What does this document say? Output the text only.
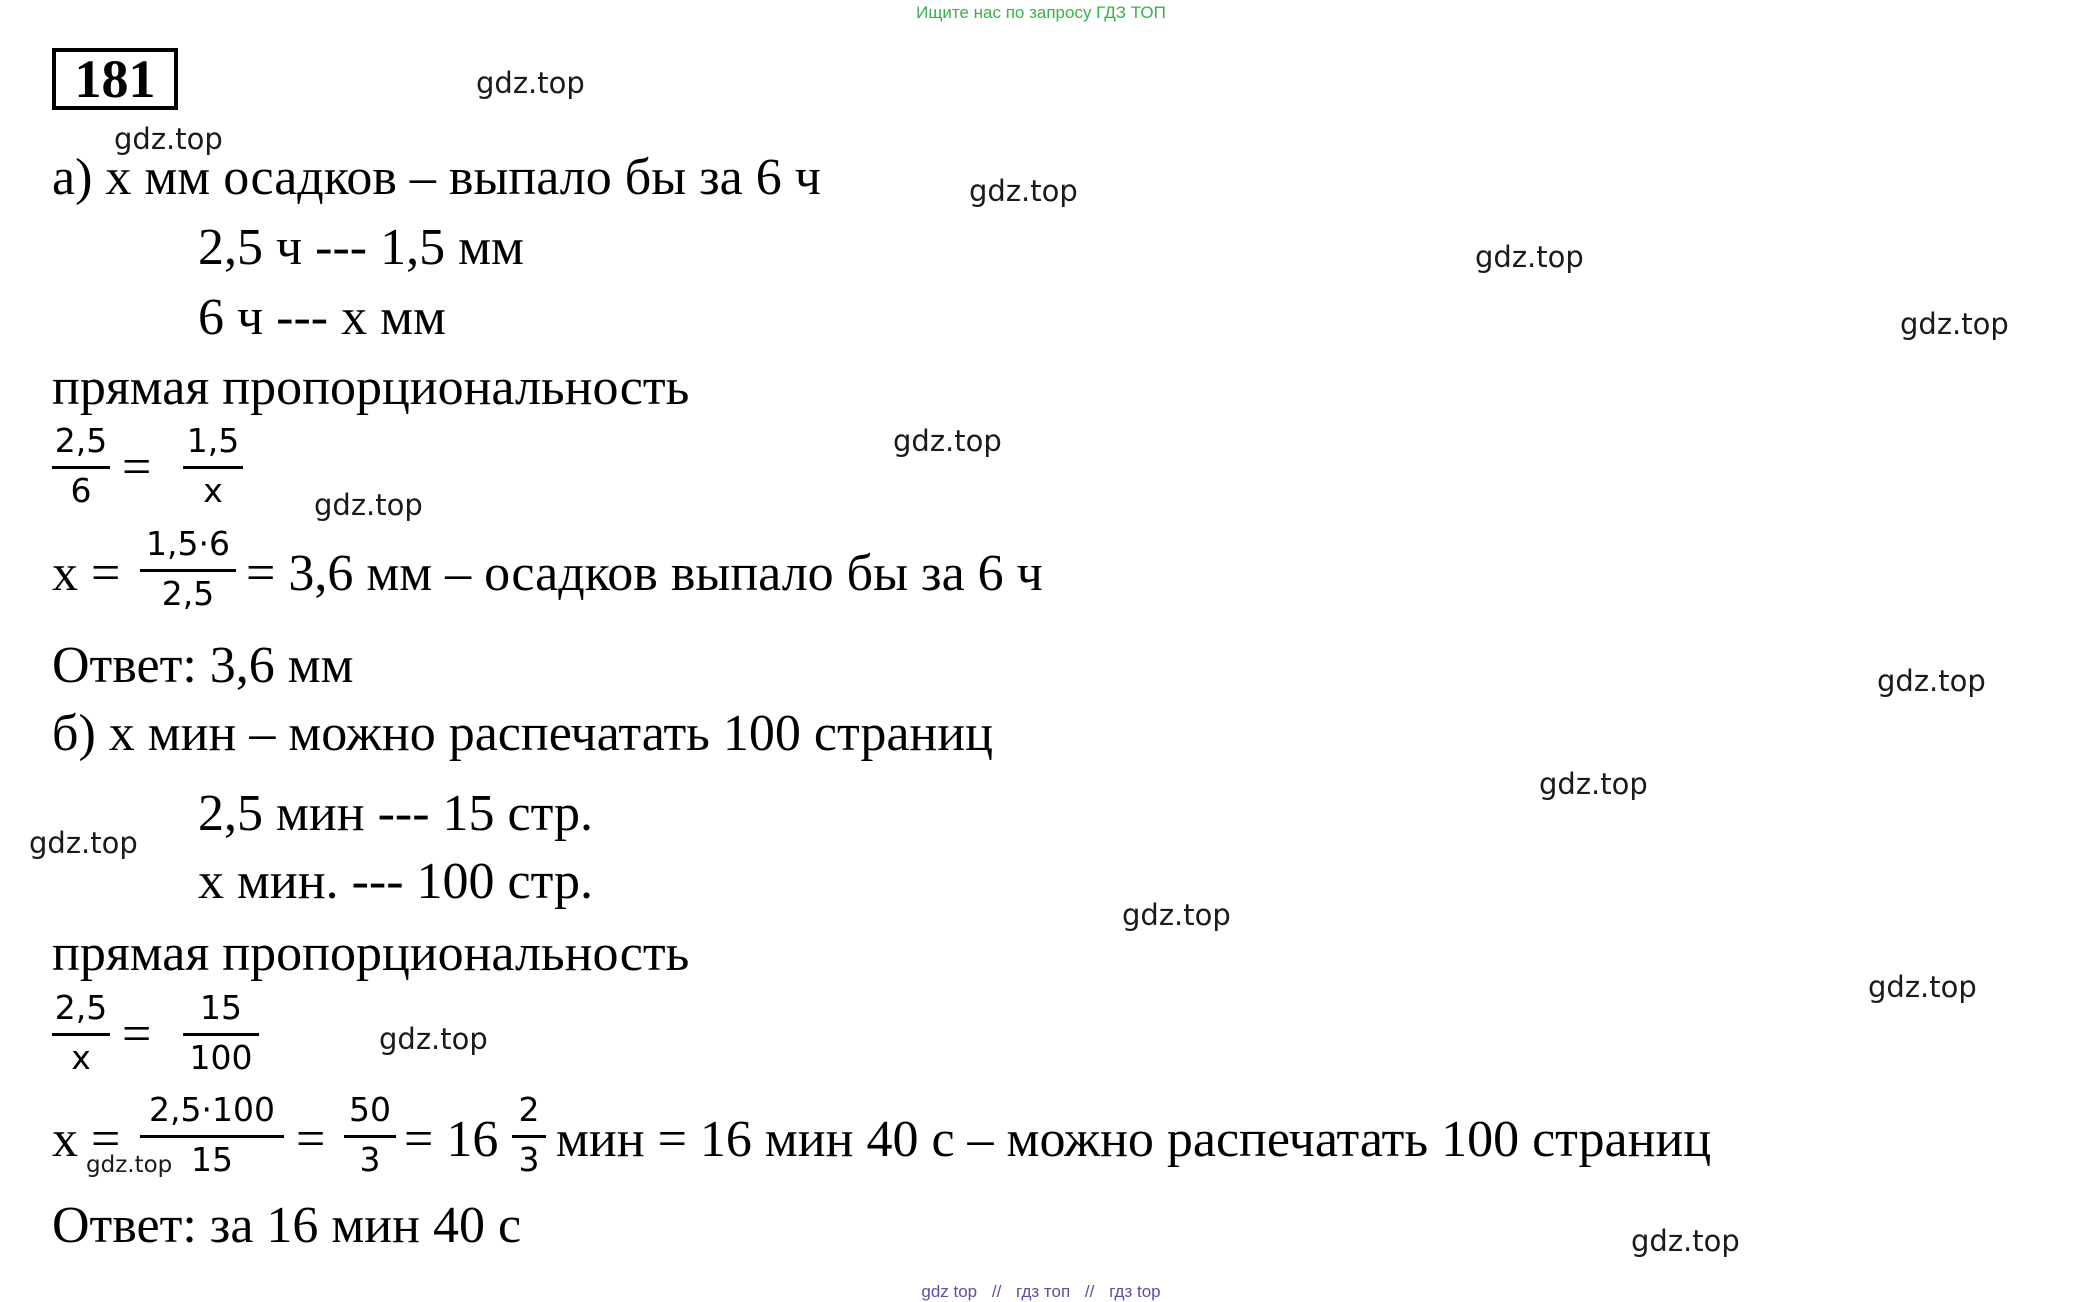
Ищите нас по запросу ГДЗ ТОП
181	gdz.top
gdz.top
gdz.top
gdz.top
gdz.top
gdz.top
gdz.top
gdz.top
gdz.top
gdz.top
gdz.top
gdz.top
gdz.top
gdz.top
gdz.top
а) x мм осадков – выпало бы за 6 ч
2,5 ч --- 1,5 мм
6 ч --- x мм
прямая пропорциональность
2,5
6 = 1,5
x
x =
1,5·6
2,5 = 3,6 мм – осадков выпало бы за 6 ч
Ответ: 3,6 мм
б) x мин – можно распечатать 100 страниц
2,5 мин --- 15 стр.
x мин. --- 100 стр.
прямая пропорциональность
2,5
x =	15
100
x =
2,5·100
15	=
50
3 = 16
2
3 мин = 16 мин 40 с – можно распечатать 100 страниц
Ответ: за 16 мин 40 с
gdz top // гдз топ // гдз top
